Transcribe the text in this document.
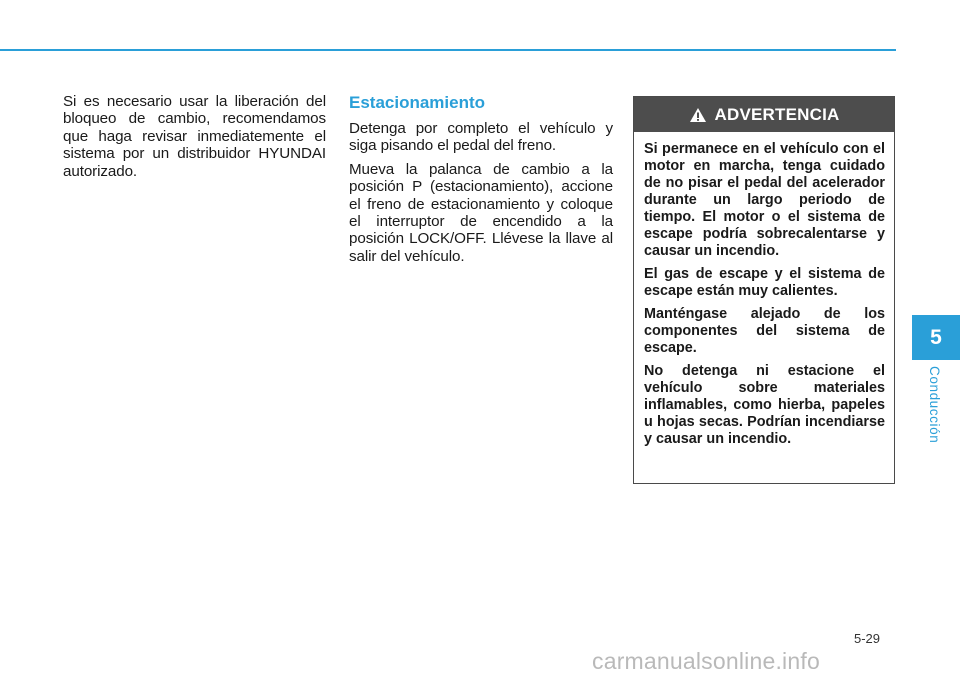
Si es necesario usar la liberación del bloqueo de cambio, recomendamos que haga revisar inmediatemente el sistema por un distribuidor HYUNDAI autorizado.

Estacionamiento

Detenga por completo el vehículo y siga pisando el pedal del freno.

Mueva la palanca de cambio a la posición P (estacionamiento), accione el freno de estacionamiento y coloque el interruptor de encendido a la posición LOCK/OFF. Llévese la llave al salir del vehículo.

ADVERTENCIA

Si permanece en el vehículo con el motor en marcha, tenga cuidado de no pisar el pedal del acelerador durante un largo periodo de tiempo. El motor o el sistema de escape podría sobrecalentarse y causar un incendio.

El gas de escape y el sistema de escape están muy calientes.

Manténgase alejado de los componentes del sistema de escape.

No detenga ni estacione el vehículo sobre materiales inflamables, como hierba, papeles u hojas secas. Podrían incendiarse y causar un incendio.

5
Conducción
5-29
carmanualsonline.info
